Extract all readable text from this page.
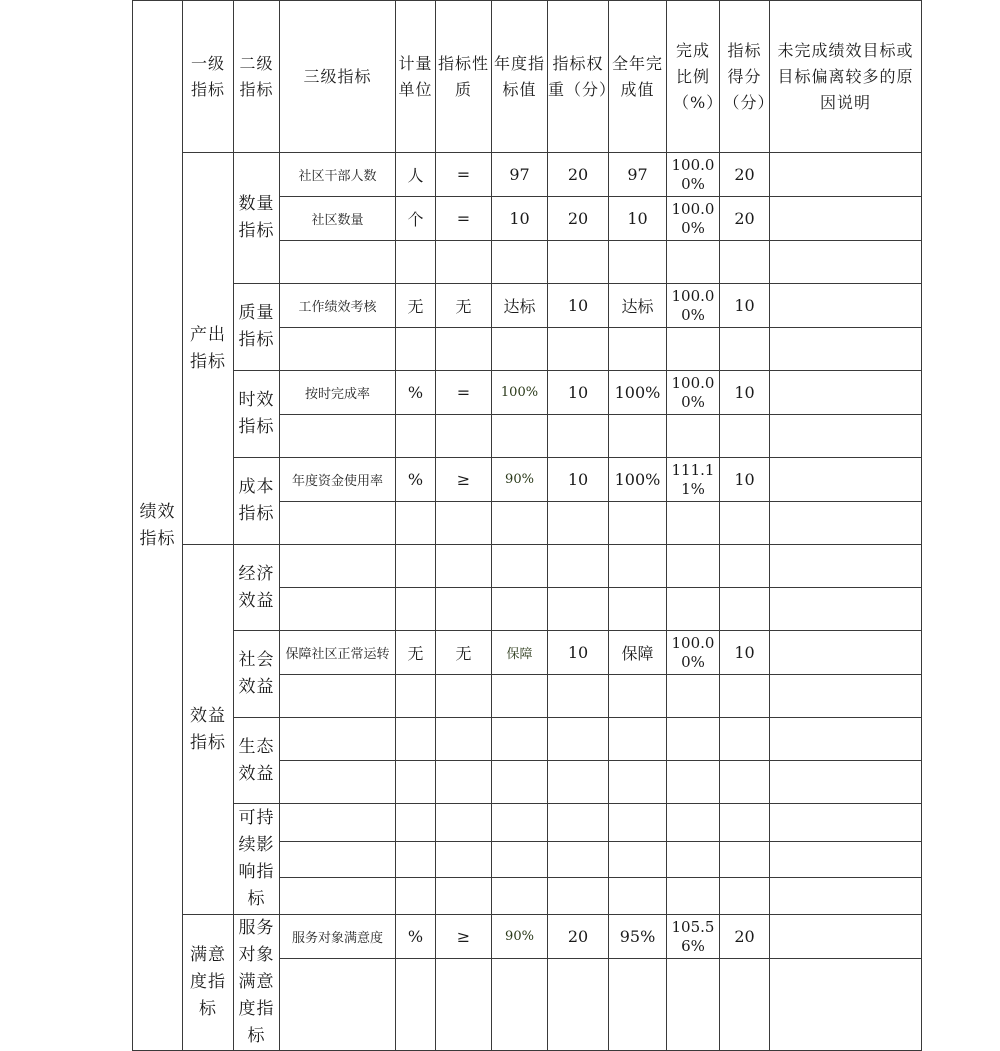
绩效指标	一级指标	二级指标	三级指标	计量单位	指标性质	年度指标值	指标权重（分）	全年完成值	完成比例（%）	指标得分（分）	未完成绩效目标或目标偏离较多的原因说明
	产出指标	数量指标	社区干部人数	人	=	97	20	97	100.00%	20	
			社区数量	个	=	10	20	10	100.00%	20	

		质量指标	工作绩效考核	无	无	达标	10	达标	100.00%	10	

		时效指标	按时完成率	%	=	100%	10	100%	100.00%	10	

		成本指标	年度资金使用率	%	≥	90%	10	100%	111.11%	10	

	效益指标	经济效益									

		社会效益	保障社区正常运转	无	无	保障	10	保障	100.00%	10	

		生态效益									

		可持续影响指标									

	满意度指标	服务对象满意度指标	服务对象满意度	%	≥	90%	20	95%	105.56%	20	
